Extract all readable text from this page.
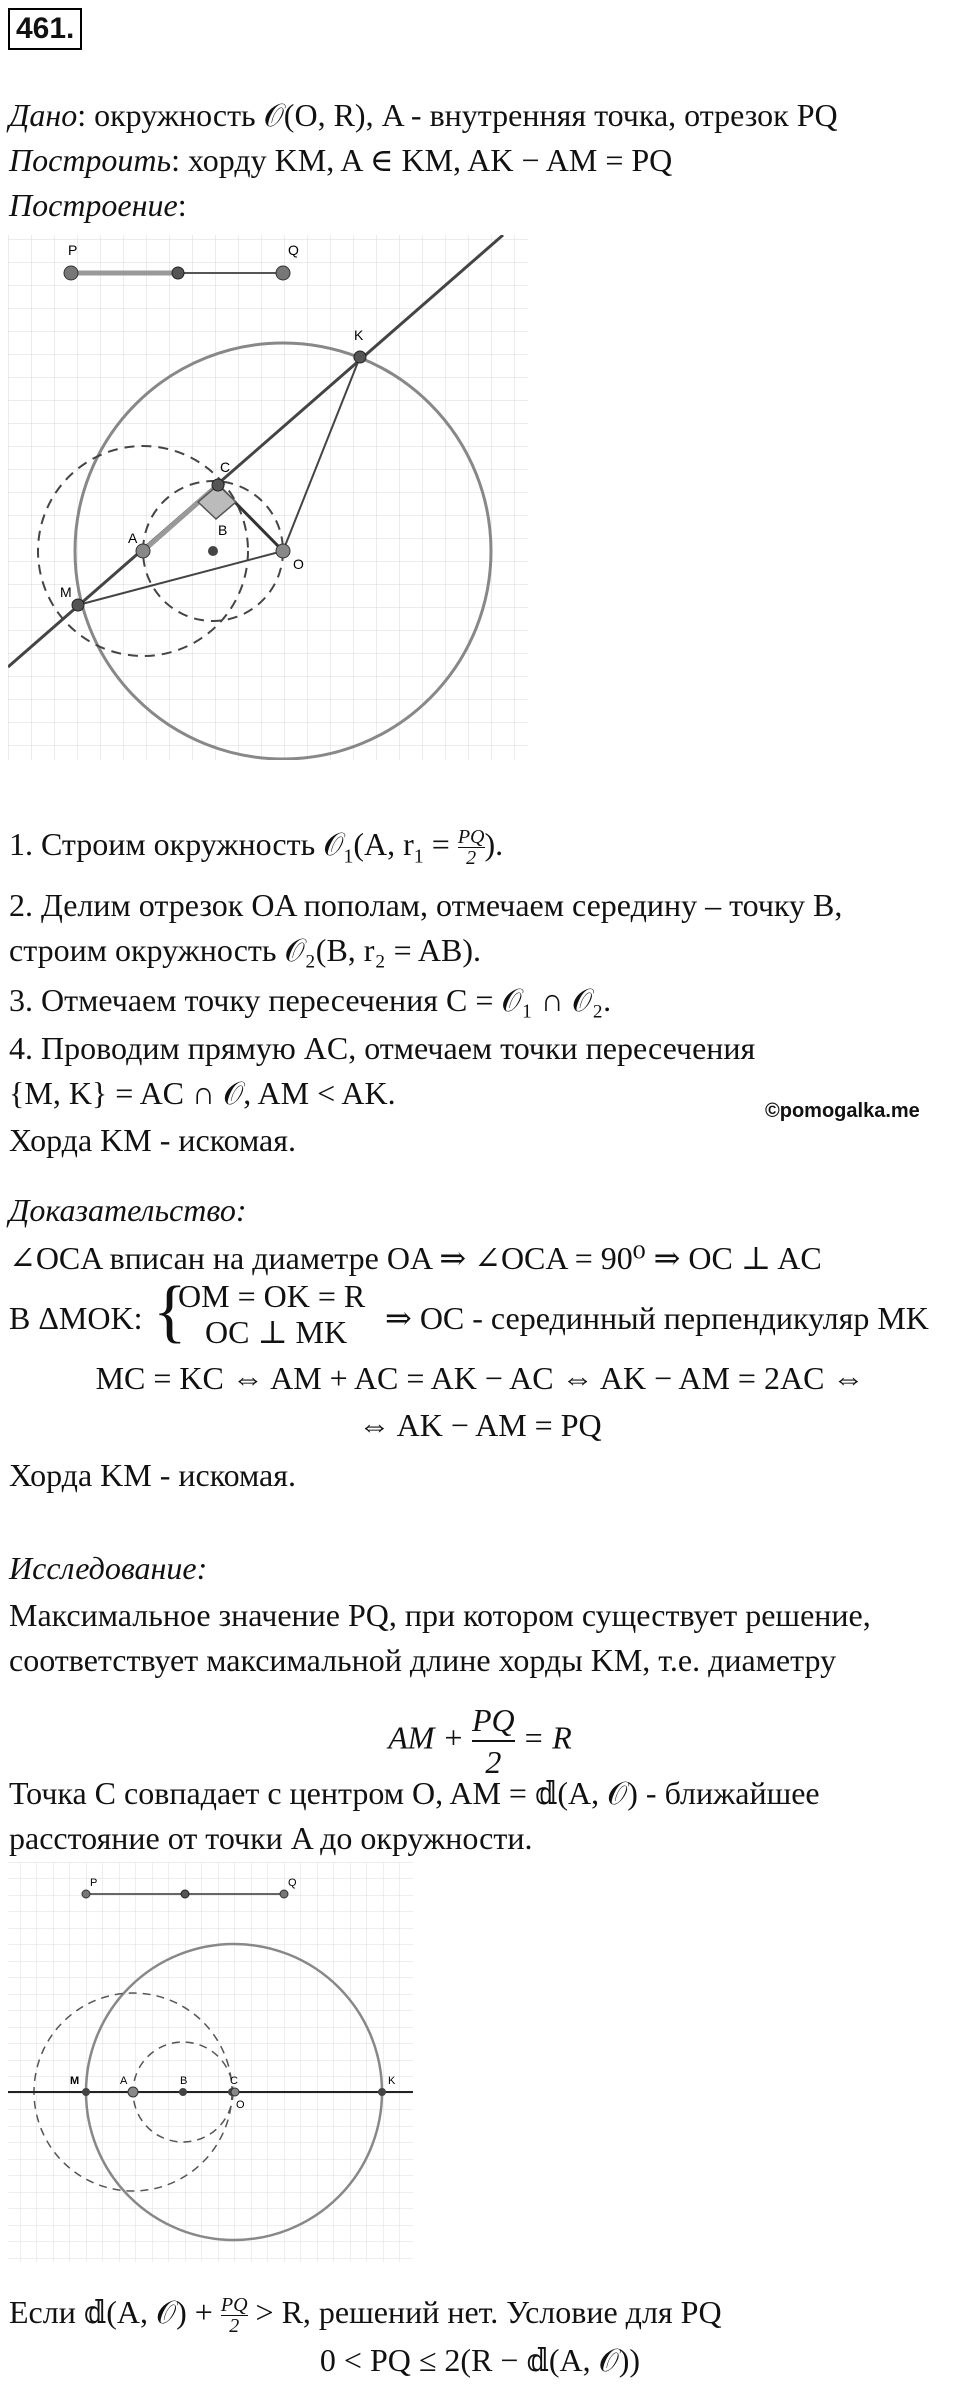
461.
Дано: окружность 𝒪(O, R), A - внутренняя точка, отрезок PQ
Построить: хорду KM, A ∈ KM, AK − AM = PQ
Построение:
P	Q
K
C
A	B
O
M
1. Строим окружность 𝒪$_1$(A, $r_1 = \frac{PQ}{2}$ ).
2. Делим отрезок OA пополам, отмечаем середину – точку B,
строим окружность 𝒪₂(B, r₂ = AB).
3. Отмечаем точку пересечения C = 𝒪₁ ∩ 𝒪₂.
4. Проводим прямую AC, отмечаем точки пересечения
{M, K} = AC ∩ 𝒪, AM < AK.
Хорда KM - искомая.
©pomogalka.me
Доказательство:
∠OCA вписан на диаметре OA ⇒ ∠OCA = 90⁰ ⇒ OC ⊥ AC
В ΔMOK: {
OM = OK = R
OC ⊥ MK ⇒ OC - серединный перпендикуляр MK
MC = KC ⇔ AM + AC = AK − AC ⇔ AK − AM = 2AC ⇔
⇔ AK − AM = PQ
Хорда KM - искомая.
Исследование:
Максимальное значение PQ, при котором существует решение,
соответствует максимальной длине хорды KM, т.е. диаметру
AM + $\frac{PQ}{2} = R$
Точка C совпадает с центром O, AM = 𝕕(A, 𝒪) - ближайшее
расстояние от точки A до окружности.
P	Q
M	A	B	C
O
K
Если 𝕕(A, 𝒪) + $\frac{PQ}{2} > R$, решений нет. Условие для PQ
0 < PQ ≤ 2(R − 𝕕(A, 𝒪))
